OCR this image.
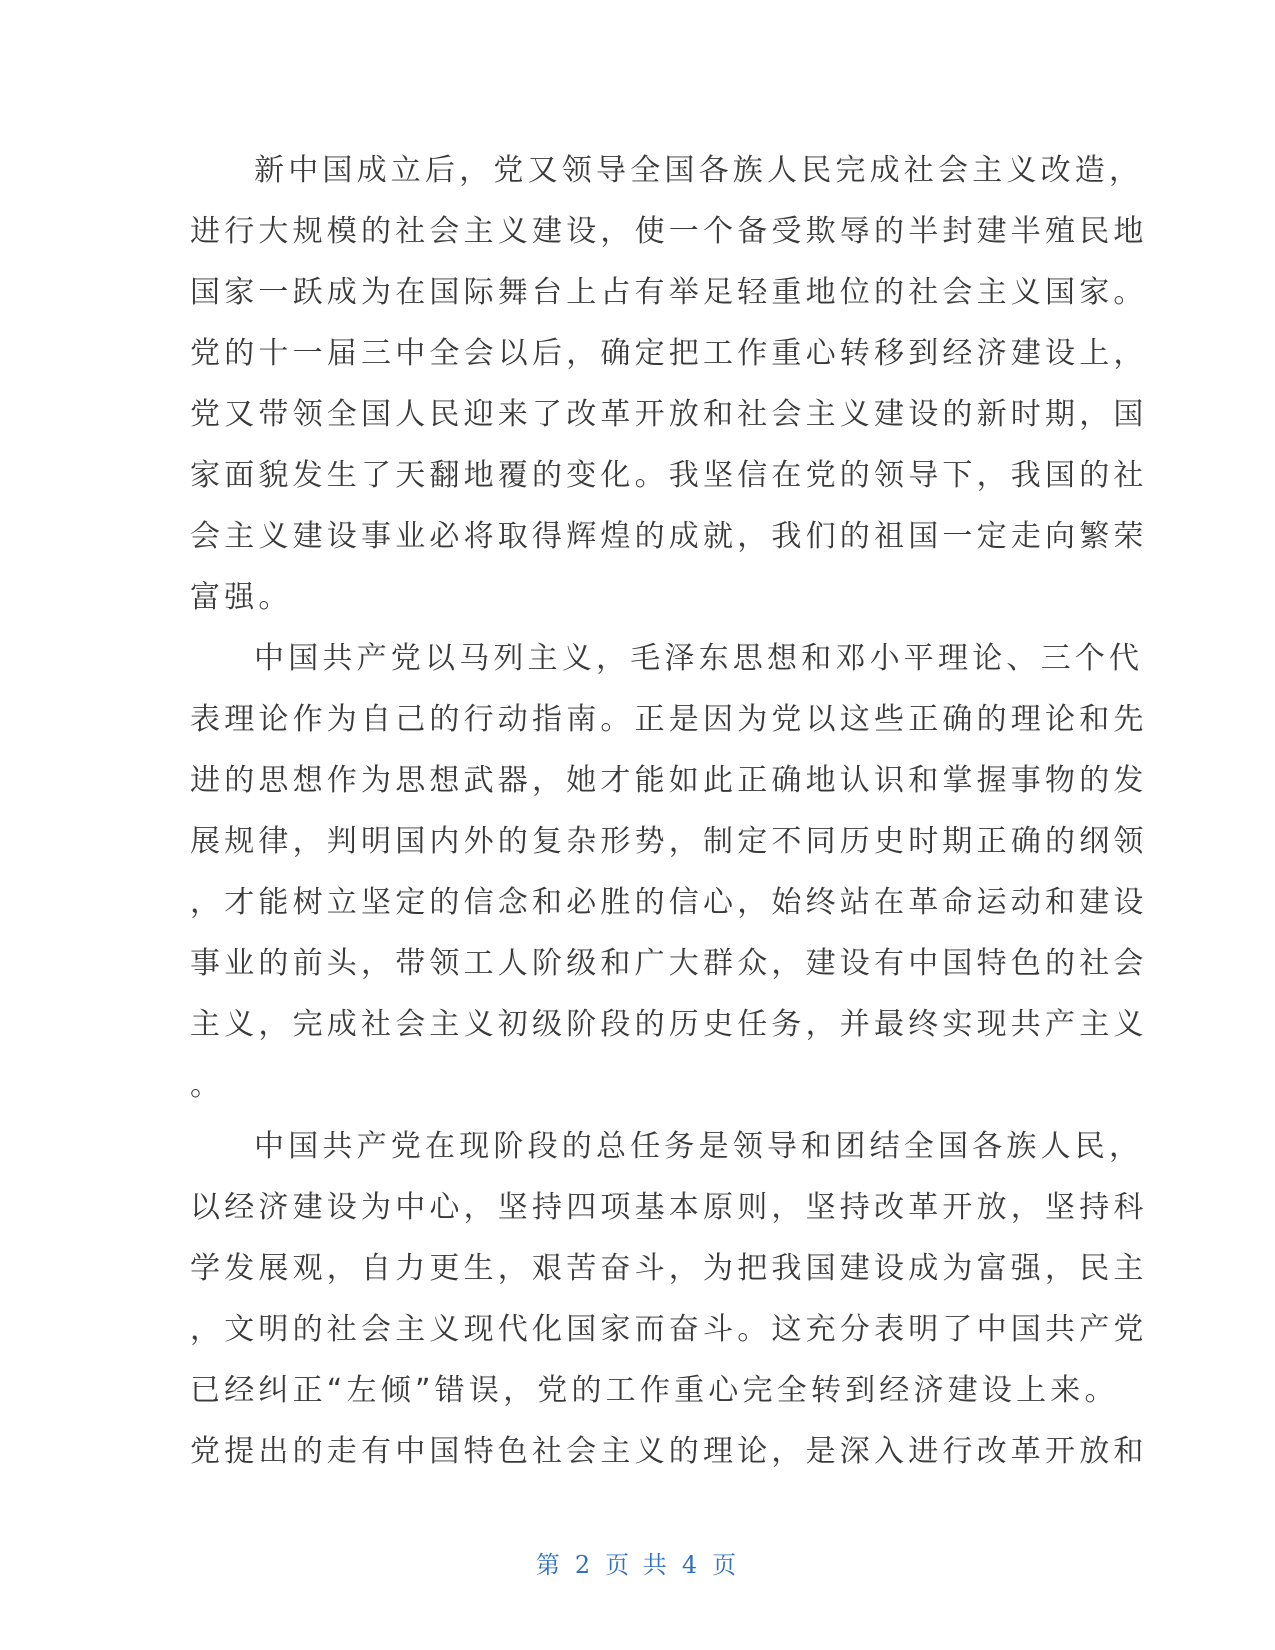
新中国成立后，党又领导全国各族人民完成社会主义改造，
进行大规模的社会主义建设，使一个备受欺辱的半封建半殖民地
国家一跃成为在国际舞台上占有举足轻重地位的社会主义国家。
党的十一届三中全会以后，确定把工作重心转移到经济建设上，
党又带领全国人民迎来了改革开放和社会主义建设的新时期，国
家面貌发生了天翻地覆的变化。我坚信在党的领导下，我国的社
会主义建设事业必将取得辉煌的成就，我们的祖国一定走向繁荣
富强。
中国共产党以马列主义，毛泽东思想和邓小平理论、三个代
表理论作为自己的行动指南。正是因为党以这些正确的理论和先
进的思想作为思想武器，她才能如此正确地认识和掌握事物的发
展规律，判明国内外的复杂形势，制定不同历史时期正确的纲领
，才能树立坚定的信念和必胜的信心，始终站在革命运动和建设
事业的前头，带领工人阶级和广大群众，建设有中国特色的社会
主义，完成社会主义初级阶段的历史任务，并最终实现共产主义
。
中国共产党在现阶段的总任务是领导和团结全国各族人民，
以经济建设为中心，坚持四项基本原则，坚持改革开放，坚持科
学发展观，自力更生，艰苦奋斗，为把我国建设成为富强，民主
，文明的社会主义现代化国家而奋斗。这充分表明了中国共产党
已经纠正“左倾”错误，党的工作重心完全转到经济建设上来。
党提出的走有中国特色社会主义的理论，是深入进行改革开放和
第 2 页 共 4 页
